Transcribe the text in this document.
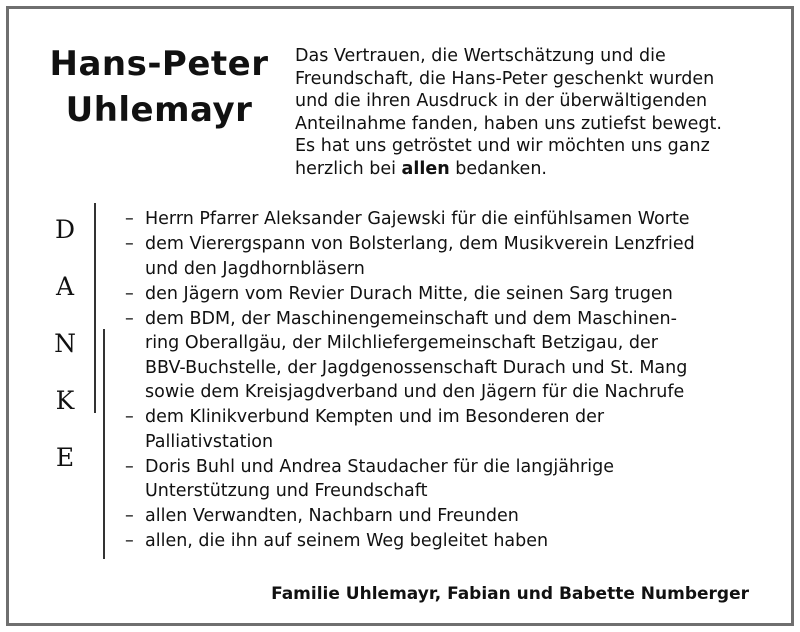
Hans-Peter
Uhlemayr
Das Vertrauen, die Wertschätzung und die
Freundschaft, die Hans-Peter geschenkt wurden
und die ihren Ausdruck in der überwältigenden
Anteilnahme fanden, haben uns zutiefst bewegt.
Es hat uns getröstet und wir möchten uns ganz
herzlich bei allen bedanken.
D
A
N
K
E
– Herrn Pfarrer Aleksander Gajewski für die einfühlsamen Worte
– dem Vierergspann von Bolsterlang, dem Musikverein Lenzfried
und den Jagdhornbläsern
– den Jägern vom Revier Durach Mitte, die seinen Sarg trugen
– dem BDM, der Maschinengemeinschaft und dem Maschinen-
ring Oberallgäu, der Milchliefergemeinschaft Betzigau, der
BBV-Buchstelle, der Jagdgenossenschaft Durach und St. Mang
sowie dem Kreisjagdverband und den Jägern für die Nachrufe
– dem Klinikverbund Kempten und im Besonderen der
Palliativstation
– Doris Buhl und Andrea Staudacher für die langjährige
Unterstützung und Freundschaft
– allen Verwandten, Nachbarn und Freunden
– allen, die ihn auf seinem Weg begleitet haben
Familie Uhlemayr, Fabian und Babette Numberger
